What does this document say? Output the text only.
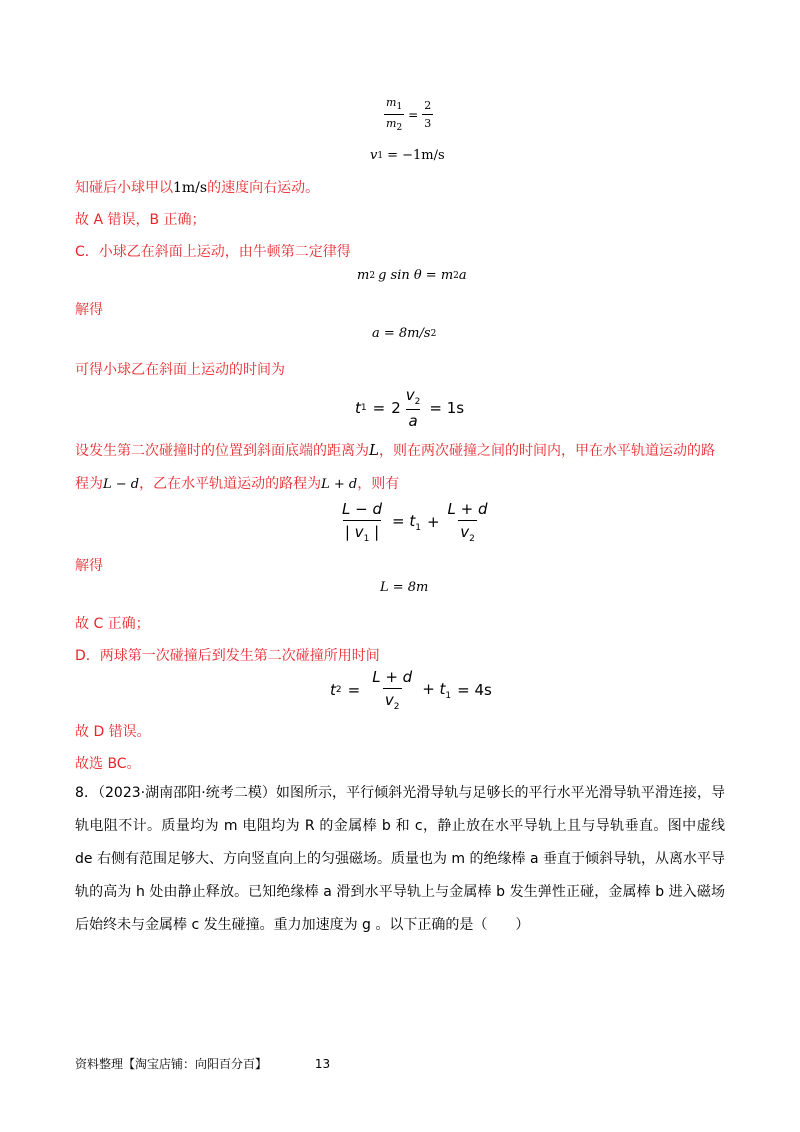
$\frac{m_1}{m_2} = \frac{2}{3}$
v 1 = −1m/s
知碰后小球甲以1m/s的速度向右运动。
故 A 错误，B 正确；
C．小球乙在斜面上运动，由牛顿第二定律得
m 2 g sin θ = m 2 a
解得
a = 8m/s 2
可得小球乙在斜面上运动的时间为
t $1 = 2 \frac{v_2}{a} = 1s$
设发生第二次碰撞时的位置到斜面底端的距离为L，则在两次碰撞之间的时间内，甲在水平轨道运动的路
程为L − d，乙在水平轨道运动的路程为L + d，则有
$\frac{L - d}{| v_1 |} = t_1 + \frac{L + d}{v_2}$
解得
L = 8m
故 C 正确；
D．两球第一次碰撞后到发生第二次碰撞所用时间
t $2 = \frac{L + d}{v_2} + t_1 = 4s$
故 D 错误。
故选 BC。
8．（2023·湖南邵阳·统考二模）如图所示，平行倾斜光滑导轨与足够长的平行水平光滑导轨平滑连接，导轨电阻不计。质量均为 m 电阻均为 R 的金属棒 b 和 c，静止放在水平导轨上且与导轨垂直。图中虚线 de 右侧有范围足够大、方向竖直向上的匀强磁场。质量也为 m 的绝缘棒 a 垂直于倾斜导轨，从离水平导轨的高为 h 处由静止释放。已知绝缘棒 a 滑到水平导轨上与金属棒 b 发生弹性正碰，金属棒 b 进入磁场后始终未与金属棒 c 发生碰撞。重力加速度为 g 。以下正确的是（　　）
资料整理【淘宝店铺：向阳百分百】	13
